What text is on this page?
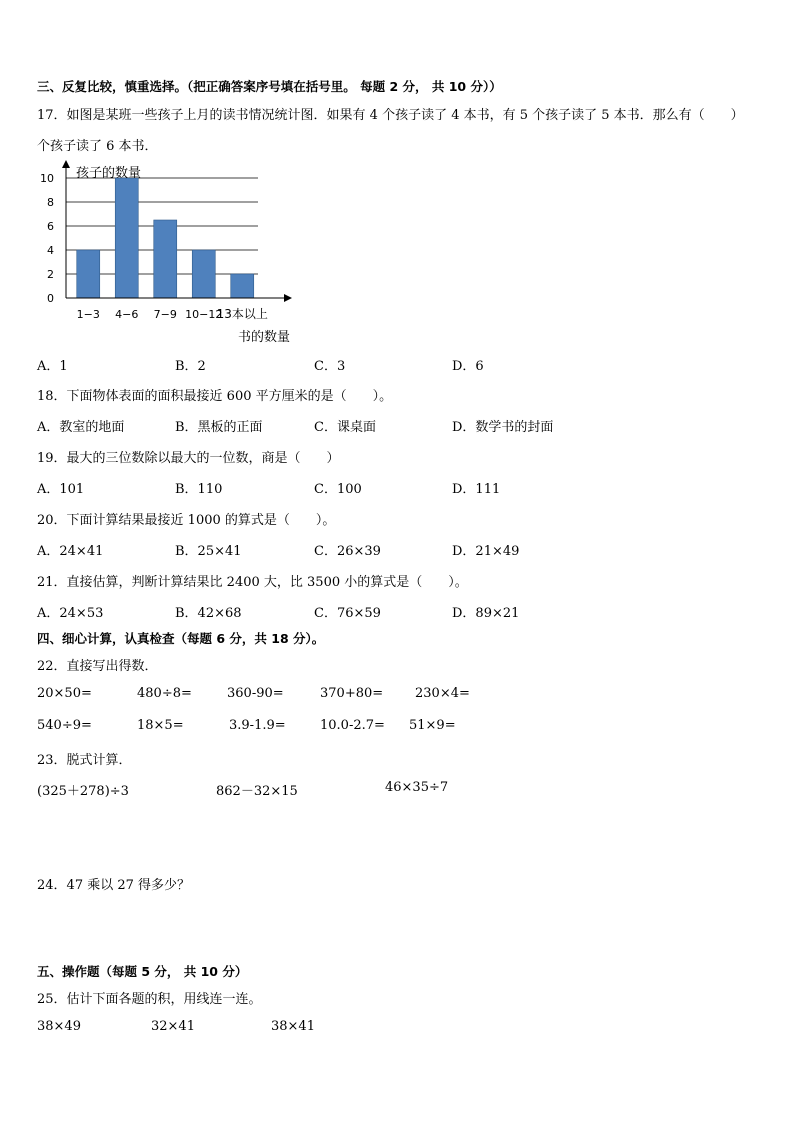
三、反复比较，慎重选择。（把正确答案序号填在括号里。 每题 2 分， 共 10 分））
17．如图是某班一些孩子上月的读书情况统计图．如果有 4 个孩子读了 4 本书，有 5 个孩子读了 5 本书．那么有（　　）
个孩子读了 6 本书．
0
2
4
6
8
10
1−3 4−6 7−9 10−12
13本以上
孩子的数量
书的数量
A．1	B．2	C．3	D．6
18．下面物体表面的面积最接近 600 平方厘米的是（　　）。
A．教室的地面	B．黑板的正面	C．课桌面	D．数学书的封面
19．最大的三位数除以最大的一位数，商是（　　）
A．101	B．110	C．100	D．111
20．下面计算结果最接近 1000 的算式是（　　）。
A．24×41	B．25×41	C．26×39	D．21×49
21．直接估算，判断计算结果比 2400 大，比 3500 小的算式是（　　）。
A．24×53	B．42×68	C．76×59	D．89×21
四、细心计算，认真检查（每题 6 分，共 18 分）。
22．直接写出得数．
20×50=	480÷8=	360-90=	370+80= 230×4=
540÷9=	18×5=	3.9-1.9=	10.0-2.7= 51×9=
23．脱式计算．
(325＋278)÷3	862－32×15	46×35÷7
24．47 乘以 27 得多少？
五、操作题（每题 5 分， 共 10 分）
25．估计下面各题的积，用线连一连。
38×49	32×41	38×41
